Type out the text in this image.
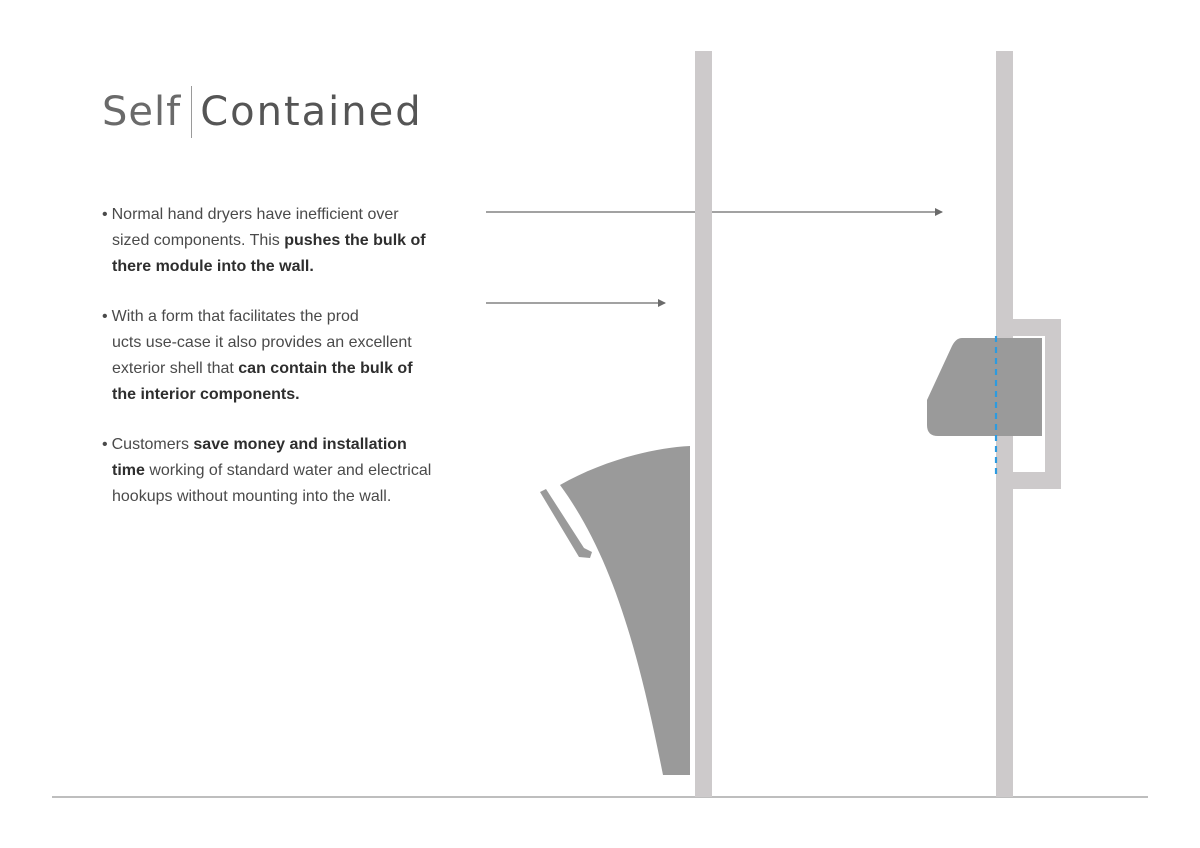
Self Contained
• Normal hand dryers have inefficient over
sized components. This pushes the bulk of
there module into the wall.
• With a form that facilitates the prod
ucts use-case it also provides an excellent
exterior shell that can contain the bulk of
the interior components.
• Customers save money and installation
time working of standard water and electrical
hookups without mounting into the wall.
